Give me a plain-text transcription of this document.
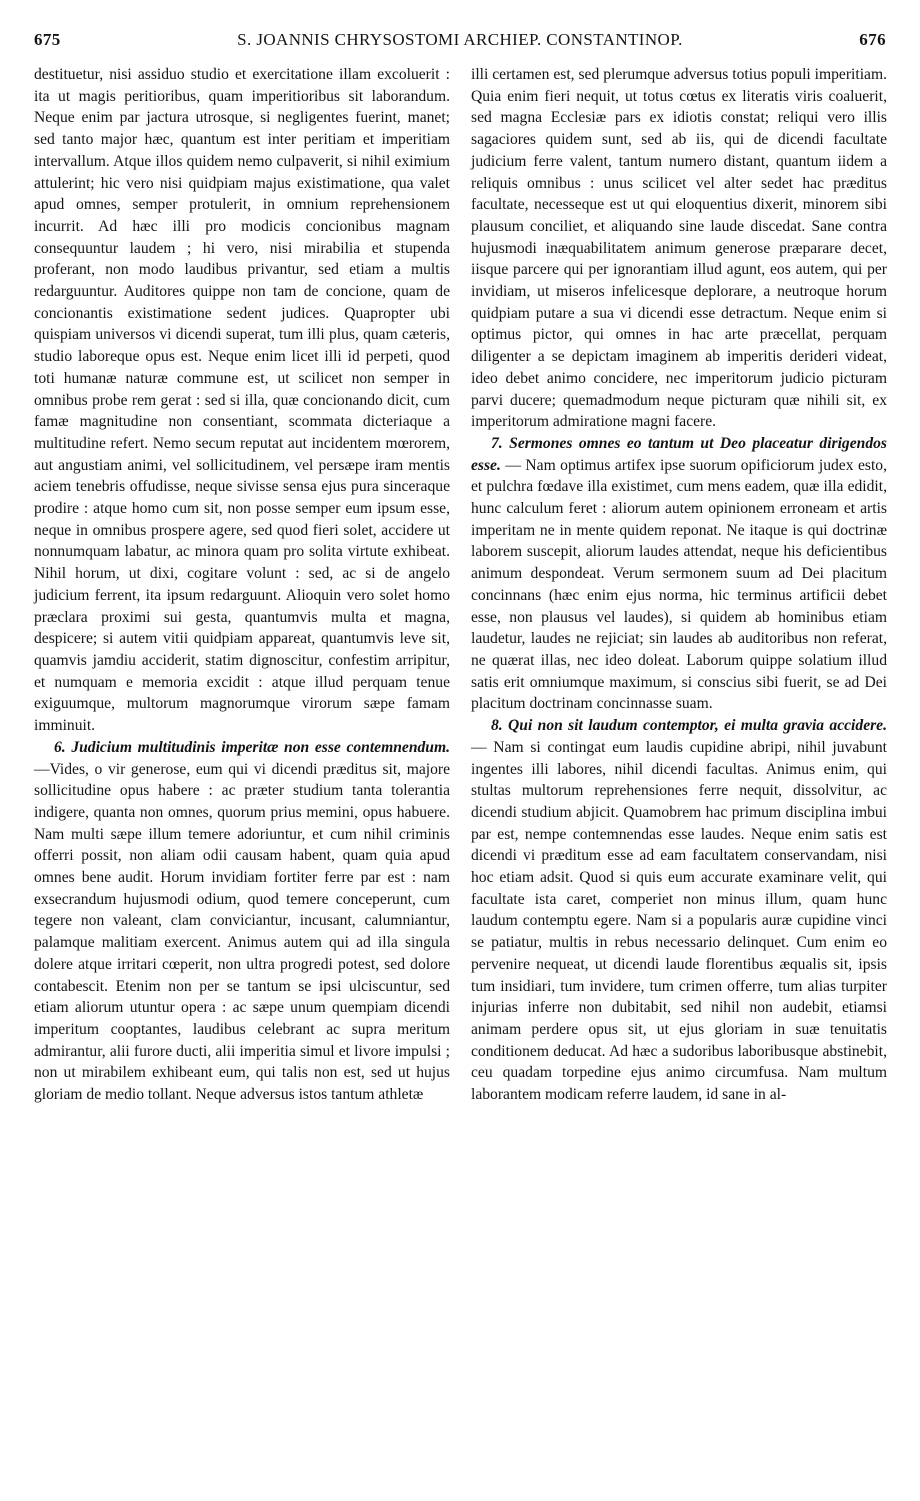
675	S. JOANNIS CHRYSOSTOMI ARCHIEP. CONSTANTINOP.	676

destituetur, nisi assiduo studio et exercitatione illam excoluerit : ita ut magis peritioribus, quam imperitioribus sit laborandum. Neque enim par jactura utrosque, si negligentes fuerint, manet; sed tanto major hæc, quantum est inter peritiam et imperitiam intervallum. Atque illos quidem nemo culpaverit, si nihil eximium attulerint; hic vero nisi quidpiam majus existimatione, qua valet apud omnes, semper protulerit, in omnium reprehensionem incurrit. Ad hæc illi pro modicis concionibus magnam consequuntur laudem ; hi vero, nisi mirabilia et stupenda proferant, non modo laudibus privantur, sed etiam a multis redarguuntur. Auditores quippe non tam de concione, quam de concionantis existimatione sedent judices. Quapropter ubi quispiam universos vi dicendi superat, tum illi plus, quam cæteris, studio laboreque opus est. Neque enim licet illi id perpeti, quod toti humanæ naturæ commune est, ut scilicet non semper in omnibus probe rem gerat : sed si illa, quæ concionando dicit, cum famæ magnitudine non consentiant, scommata dicteriaque a multitudine refert. Nemo secum reputat aut incidentem mœrorem, aut angustiam animi, vel sollicitudinem, vel persæpe iram mentis aciem tenebris offudisse, neque sivisse sensa ejus pura sinceraque prodire : atque homo cum sit, non posse semper eum ipsum esse, neque in omnibus prospere agere, sed quod fieri solet, accidere ut nonnumquam labatur, ac minora quam pro solita virtute exhibeat. Nihil horum, ut dixi, cogitare volunt : sed, ac si de angelo judicium ferrent, ita ipsum redarguunt. Alioquin vero solet homo præclara proximi sui gesta, quantumvis multa et magna, despicere; si autem vitii quidpiam appareat, quantumvis leve sit, quamvis jamdiu acciderit, statim dignoscitur, confestim arripitur, et numquam e memoria excidit : atque illud perquam tenue exiguumque, multorum magnorumque virorum sæpe famam imminuit.

6. Judicium multitudinis imperitæ non esse contemnendum.—Vides, o vir generose, eum qui vi dicendi præditus sit, majore sollicitudine opus habere : ac præter studium tanta tolerantia indigere, quanta non omnes, quorum prius memini, opus habuere. Nam multi sæpe illum temere adoriuntur, et cum nihil criminis offerri possit, non aliam odii causam habent, quam quia apud omnes bene audit. Horum invidiam fortiter ferre par est : nam exsecrandum hujusmodi odium, quod temere conceperunt, cum tegere non valeant, clam conviciantur, incusant, calumniantur, palamque malitiam exercent. Animus autem qui ad illa singula dolere atque irritari cœperit, non ultra progredi potest, sed dolore contabescit. Etenim non per se tantum se ipsi ulciscuntur, sed etiam aliorum utuntur opera : ac sæpe unum quempiam dicendi imperitum cooptantes, laudibus celebrant ac supra meritum admirantur, alii furore ducti, alii imperitia simul et livore impulsi ; non ut mirabilem exhibeant eum, qui talis non est, sed ut hujus gloriam de medio tollant. Neque adversus istos tantum athletæ

illi certamen est, sed plerumque adversus totius populi imperitiam. Quia enim fieri nequit, ut totus cœtus ex literatis viris coaluerit, sed magna Ecclesiæ pars ex idiotis constat; reliqui vero illis sagaciores quidem sunt, sed ab iis, qui de dicendi facultate judicium ferre valent, tantum numero distant, quantum iidem a reliquis omnibus : unus scilicet vel alter sedet hac præditus facultate, necesseque est ut qui eloquentius dixerit, minorem sibi plausum conciliet, et aliquando sine laude discedat. Sane contra hujusmodi inæquabilitatem animum generose præparare decet, iisque parcere qui per ignorantiam illud agunt, eos autem, qui per invidiam, ut miseros infelicesque deplorare, a neutroque horum quidpiam putare a sua vi dicendi esse detractum. Neque enim si optimus pictor, qui omnes in hac arte præcellat, perquam diligenter a se depictam imaginem ab imperitis derideri videat, ideo debet animo concidere, nec imperitorum judicio picturam parvi ducere; quemadmodum neque picturam quæ nihili sit, ex imperitorum admiratione magni facere.

7. Sermones omnes eo tantum ut Deo placeatur dirigendos esse. — Nam optimus artifex ipse suorum opificiorum judex esto, et pulchra fœdave illa existimet, cum mens eadem, quæ illa edidit, hunc calculum feret : aliorum autem opinionem erroneam et artis imperitam ne in mente quidem reponat. Ne itaque is qui doctrinæ laborem suscepit, aliorum laudes attendat, neque his deficientibus animum despondeat. Verum sermonem suum ad Dei placitum concinnans (hæc enim ejus norma, hic terminus artificii debet esse, non plausus vel laudes), si quidem ab hominibus etiam laudetur, laudes ne rejiciat; sin laudes ab auditoribus non referat, ne quærat illas, nec ideo doleat. Laborum quippe solatium illud satis erit omniumque maximum, si conscius sibi fuerit, se ad Dei placitum doctrinam concinnasse suam.

8. Qui non sit laudum contemptor, ei multa gravia accidere. — Nam si contingat eum laudis cupidine abripi, nihil juvabunt ingentes illi labores, nihil dicendi facultas. Animus enim, qui stultas multorum reprehensiones ferre nequit, dissolvitur, ac dicendi studium abjicit. Quamobrem hac primum disciplina imbui par est, nempe contemnendas esse laudes. Neque enim satis est dicendi vi præditum esse ad eam facultatem conservandam, nisi hoc etiam adsit. Quod si quis eum accurate examinare velit, qui facultate ista caret, comperiet non minus illum, quam hunc laudum contemptu egere. Nam si a popularis auræ cupidine vinci se patiatur, multis in rebus necessario delinquet. Cum enim eo pervenire nequeat, ut dicendi laude florentibus æqualis sit, ipsis tum insidiari, tum invidere, tum crimen offerre, tum alias turpiter injurias inferre non dubitabit, sed nihil non audebit, etiamsi animam perdere opus sit, ut ejus gloriam in suæ tenuitatis conditionem deducat. Ad hæc a sudoribus laboribusque abstinebit, ceu quadam torpedine ejus animo circumfusa. Nam multum laborantem modicam referre laudem, id sane in al-
